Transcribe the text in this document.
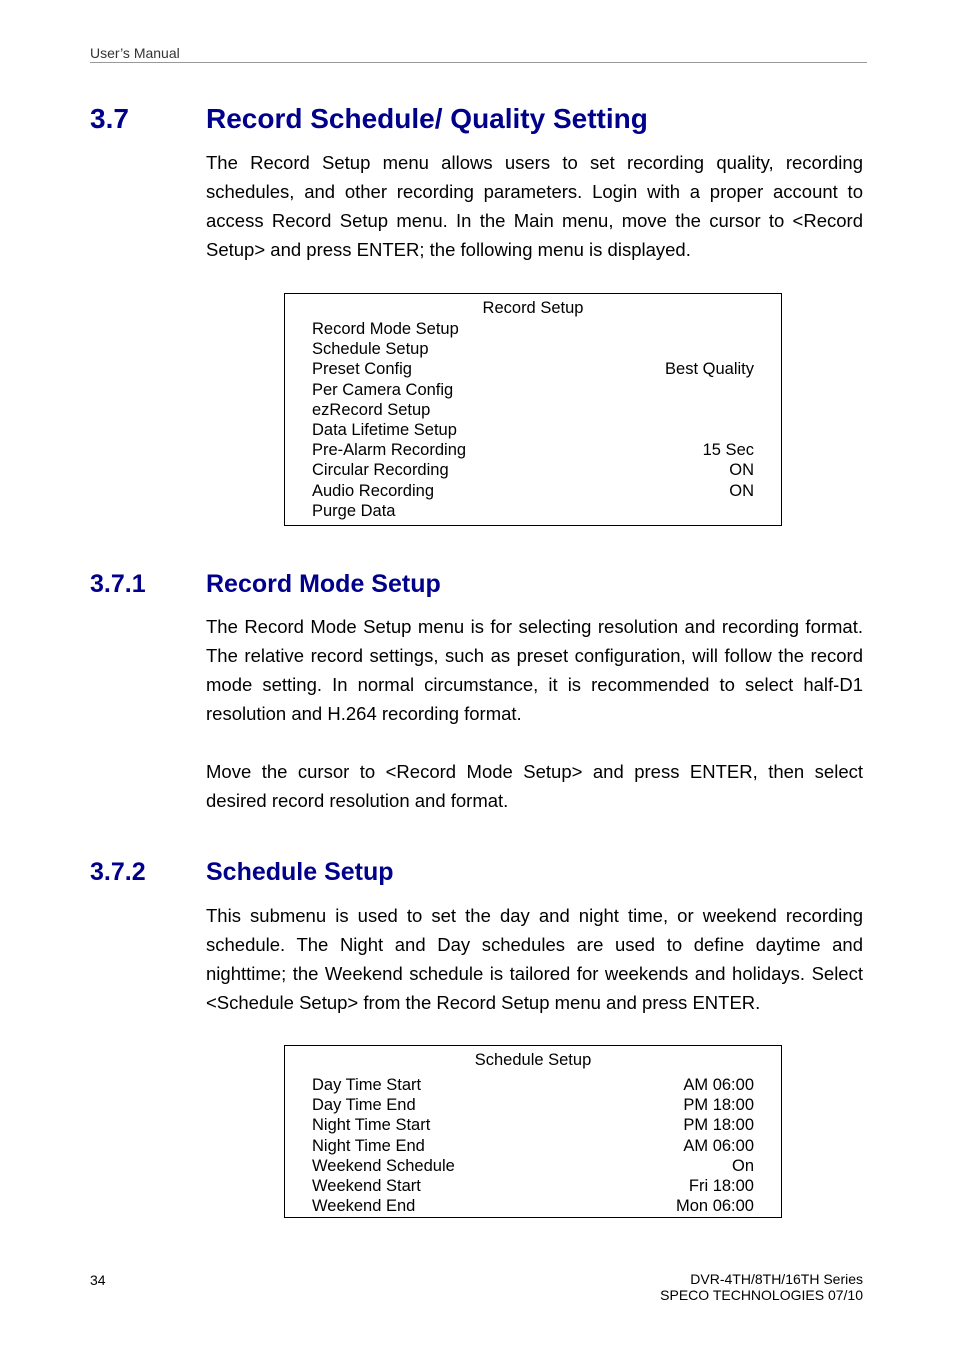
User’s Manual
3.7	Record Schedule/ Quality Setting
The Record Setup menu allows users to set recording quality, recording schedules, and other recording parameters. Login with a proper account to access Record Setup menu. In the Main menu, move the cursor to <Record Setup> and press ENTER; the following menu is displayed.
Record Setup
Record Mode Setup
Schedule Setup
Preset Config	Best Quality
Per Camera Config
ezRecord Setup
Data Lifetime Setup
Pre-Alarm Recording	15 Sec
Circular Recording	ON
Audio Recording	ON
Purge Data
3.7.1 Record Mode Setup
The Record Mode Setup menu is for selecting resolution and recording format. The relative record settings, such as preset configuration, will follow the record mode setting. In normal circumstance, it is recommended to select half-D1 resolution and H.264 recording format.
Move the cursor to <Record Mode Setup> and press ENTER, then select desired record resolution and format.
3.7.2 Schedule Setup
This submenu is used to set the day and night time, or weekend recording schedule. The Night and Day schedules are used to define daytime and nighttime; the Weekend schedule is tailored for weekends and holidays. Select <Schedule Setup> from the Record Setup menu and press ENTER.
Schedule Setup
Day Time Start	AM 06:00
Day Time End	PM 18:00
Night Time Start	PM 18:00
Night Time End	AM 06:00
Weekend Schedule	On
Weekend Start	Fri 18:00
Weekend End	Mon 06:00
34	DVR-4TH/8TH/16TH Series
SPECO TECHNOLOGIES 07/10
